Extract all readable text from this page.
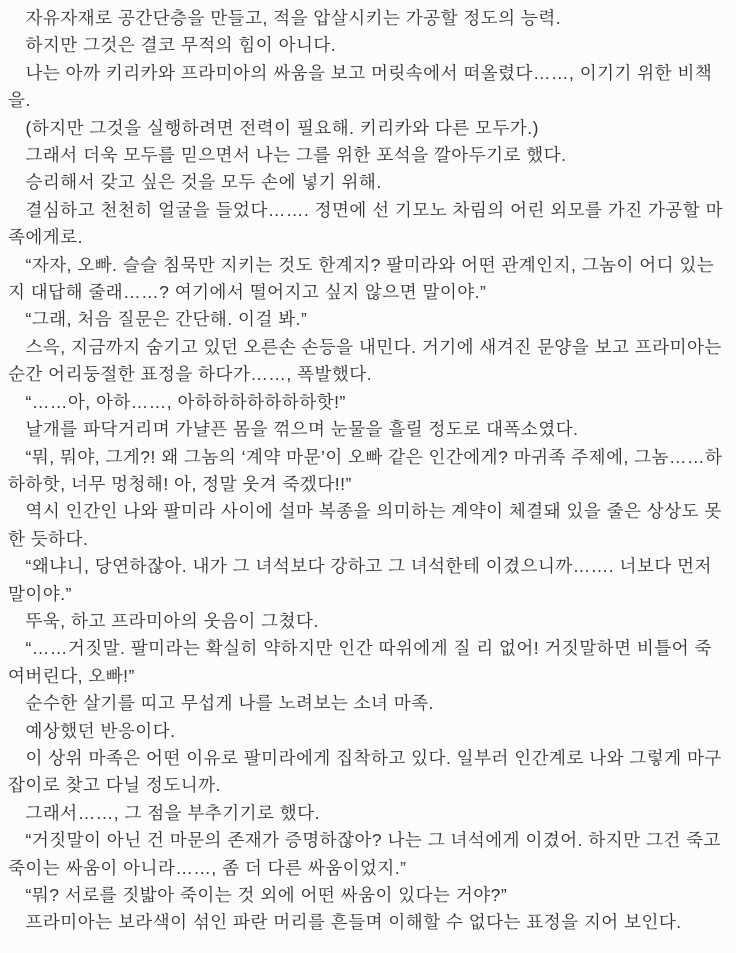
자유자재로 공간단층을 만들고, 적을 압살시키는 가공할 정도의 능력.

하지만 그것은 결코 무적의 힘이 아니다.

나는 아까 키리카와 프라미아의 싸움을 보고 머릿속에서 떠올렸다……, 이기기 위한 비책을.

(하지만 그것을 실행하려면 전력이 필요해. 키리카와 다른 모두가.)

그래서 더욱 모두를 믿으면서 나는 그를 위한 포석을 깔아두기로 했다.

승리해서 갖고 싶은 것을 모두 손에 넣기 위해.

결심하고 천천히 얼굴을 들었다……. 정면에 선 기모노 차림의 어린 외모를 가진 가공할 마족에게로.

“자자, 오빠. 슬슬 침묵만 지키는 것도 한계지? 팔미라와 어떤 관계인지, 그놈이 어디 있는지 대답해 줄래……? 여기에서 떨어지고 싶지 않으면 말이야.”

“그래, 처음 질문은 간단해. 이걸 봐.”

스윽, 지금까지 숨기고 있던 오른손 손등을 내민다. 거기에 새겨진 문양을 보고 프라미아는 순간 어리둥절한 표정을 하다가……, 폭발했다.

“……아, 아하……, 아하하하하하하하핫!”

날개를 파닥거리며 가냘픈 몸을 꺾으며 눈물을 흘릴 정도로 대폭소였다.

“뭐, 뭐야, 그게?! 왜 그놈의 ‘계약 마문’이 오빠 같은 인간에게? 마귀족 주제에, 그놈……하하하핫, 너무 멍청해! 아, 정말 웃겨 죽겠다!!”

역시 인간인 나와 팔미라 사이에 설마 복종을 의미하는 계약이 체결돼 있을 줄은 상상도 못한 듯하다.

“왜냐니, 당연하잖아. 내가 그 녀석보다 강하고 그 녀석한테 이겼으니까……. 너보다 먼저 말이야.”

뚜욱, 하고 프라미아의 웃음이 그쳤다.

“……거짓말. 팔미라는 확실히 약하지만 인간 따위에게 질 리 없어! 거짓말하면 비틀어 죽여버린다, 오빠!”

순수한 살기를 띠고 무섭게 나를 노려보는 소녀 마족.

예상했던 반응이다.

이 상위 마족은 어떤 이유로 팔미라에게 집착하고 있다. 일부러 인간계로 나와 그렇게 마구잡이로 찾고 다닐 정도니까.

그래서……, 그 점을 부추기기로 했다.

“거짓말이 아닌 건 마문의 존재가 증명하잖아? 나는 그 녀석에게 이겼어. 하지만 그건 죽고 죽이는 싸움이 아니라……, 좀 더 다른 싸움이었지.”

“뭐? 서로를 짓밟아 죽이는 것 외에 어떤 싸움이 있다는 거야?”

프라미아는 보라색이 섞인 파란 머리를 흔들며 이해할 수 없다는 표정을 지어 보인다.
